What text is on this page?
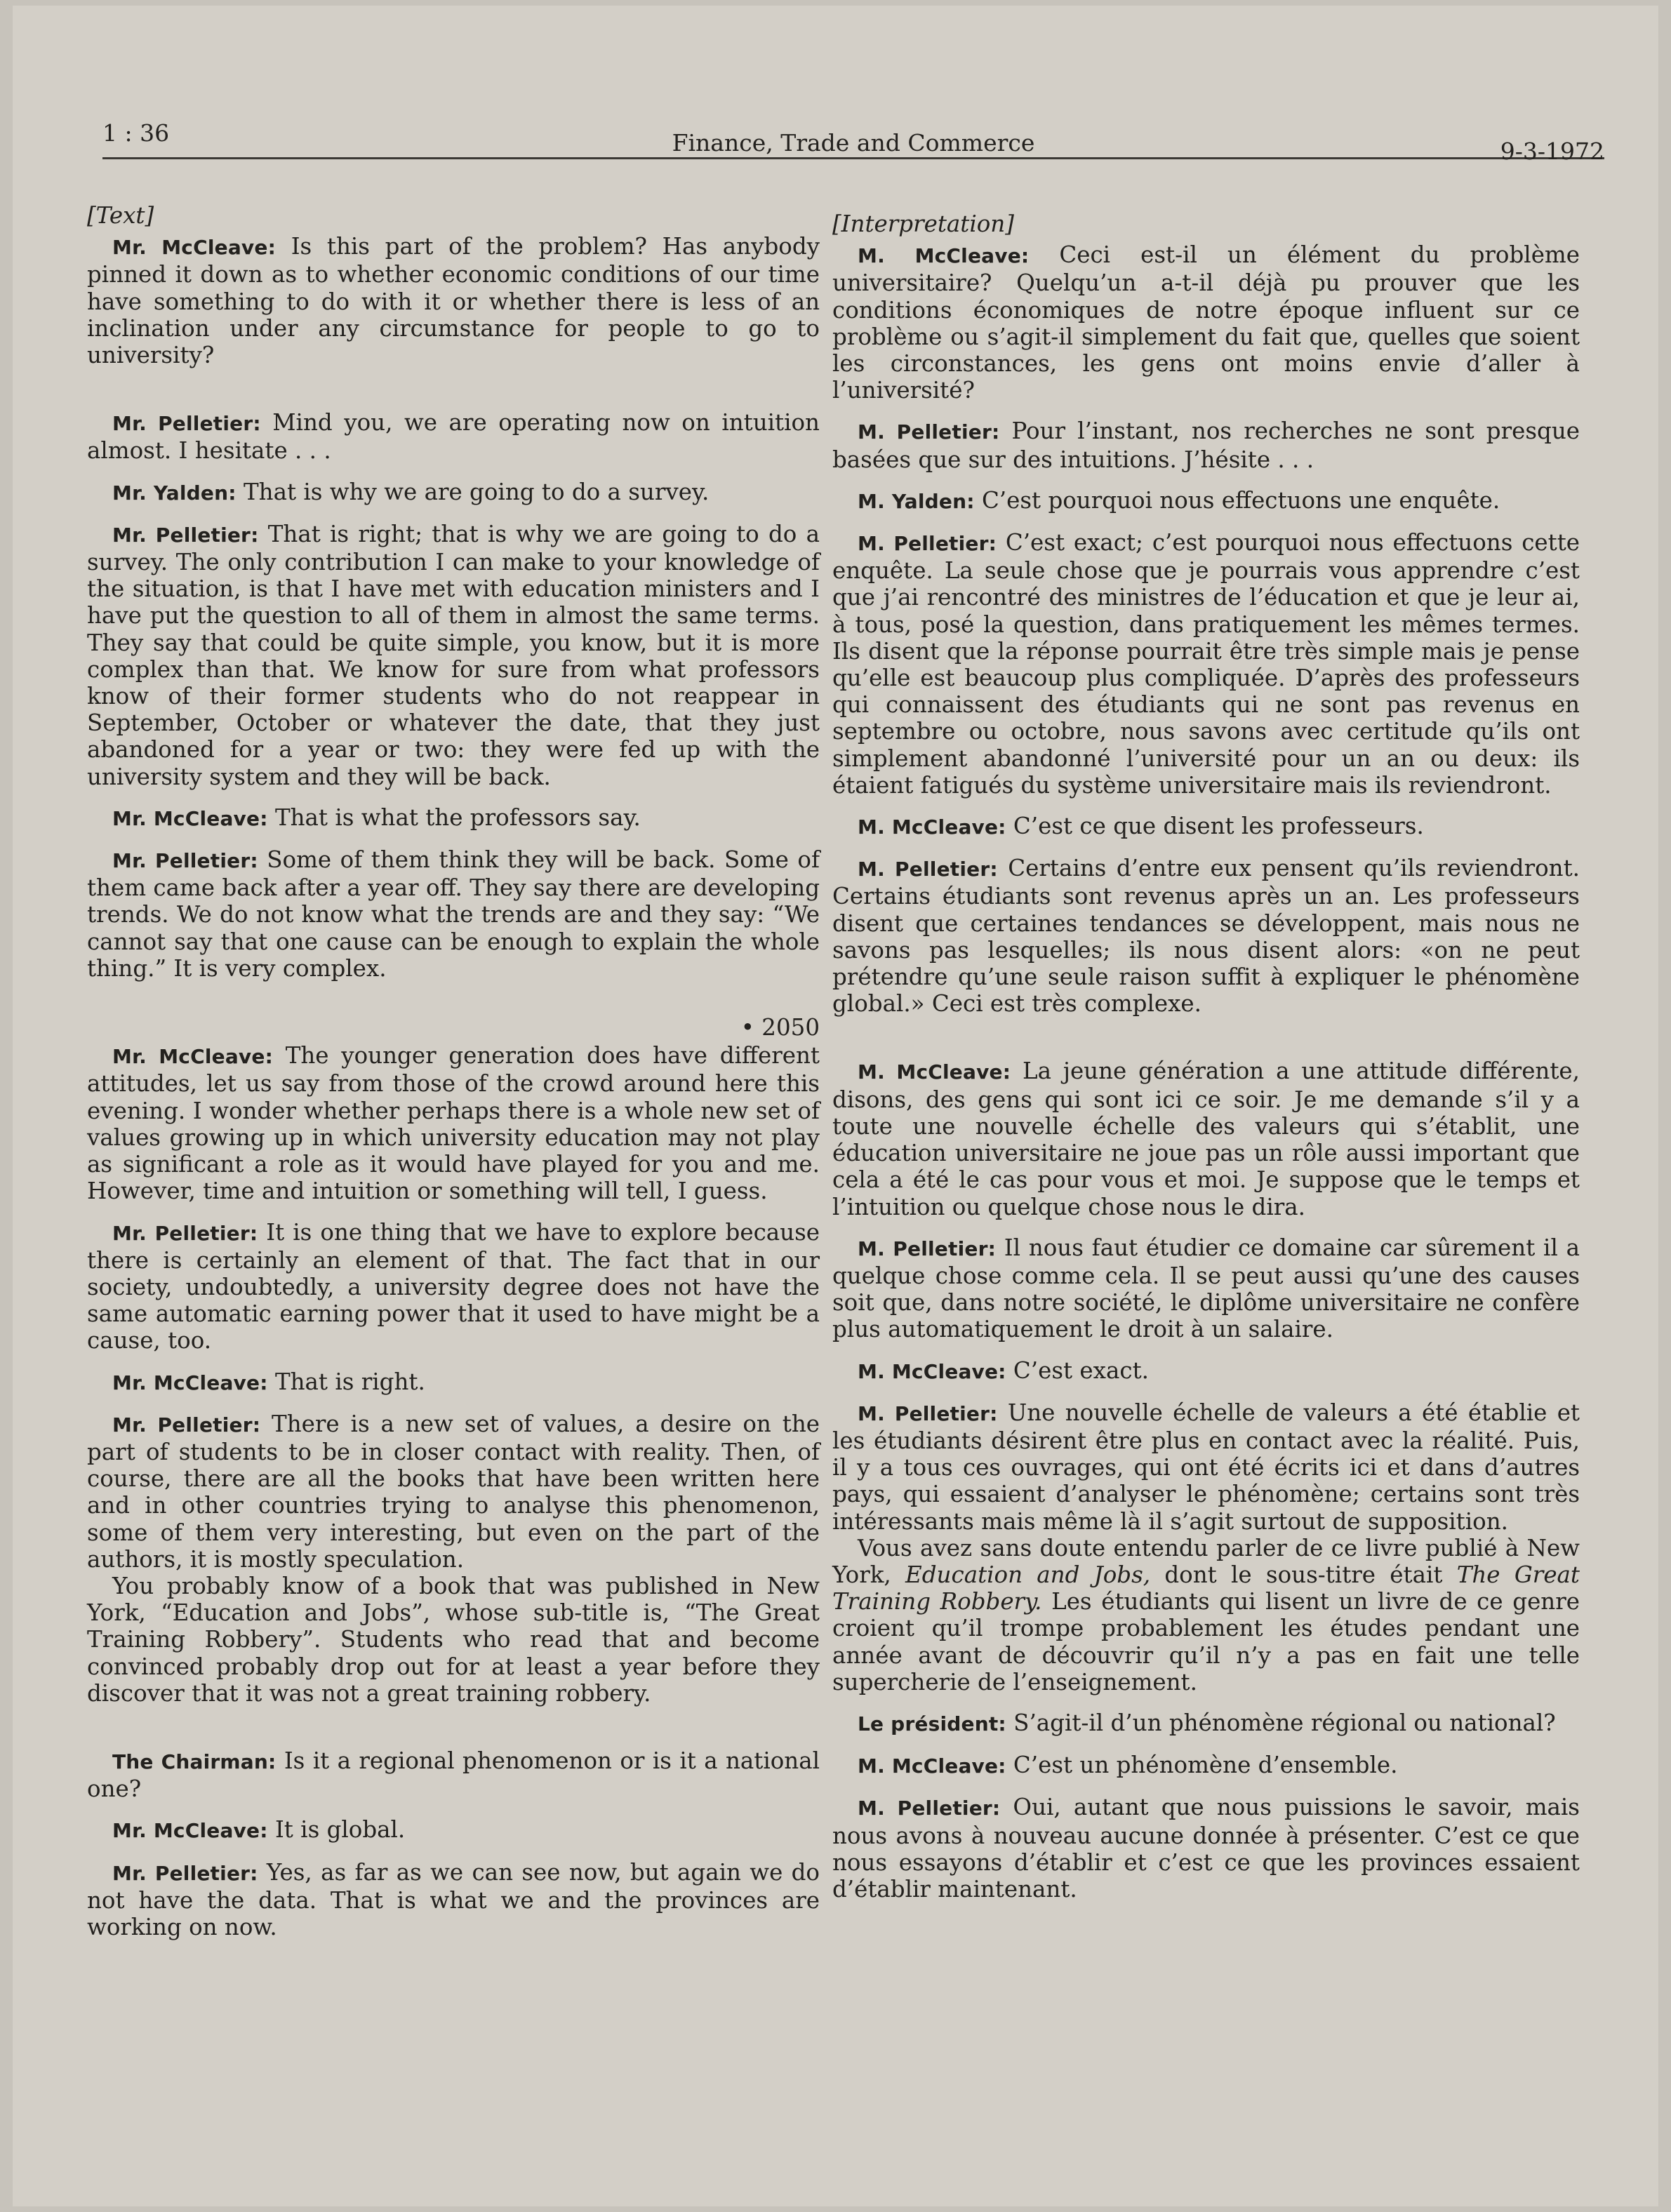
1 : 36	Finance, Trade and Commerce	9-3-1972
[Text]

Mr. McCleave: Is this part of the problem? Has anybody pinned it down as to whether economic conditions of our time have something to do with it or whether there is less of an inclination under any circumstance for people to go to university?

Mr. Pelletier: Mind you, we are operating now on intuition almost. I hesitate . . .

Mr. Yalden: That is why we are going to do a survey.

Mr. Pelletier: That is right; that is why we are going to do a survey. The only contribution I can make to your knowledge of the situation, is that I have met with education ministers and I have put the question to all of them in almost the same terms. They say that could be quite simple, you know, but it is more complex than that. We know for sure from what professors know of their former students who do not reappear in September, October or whatever the date, that they just abandoned for a year or two: they were fed up with the university system and they will be back.

Mr. McCleave: That is what the professors say.

Mr. Pelletier: Some of them think they will be back. Some of them came back after a year off. They say there are developing trends. We do not know what the trends are and they say: “We cannot say that one cause can be enough to explain the whole thing.” It is very complex.

• 2050

Mr. McCleave: The younger generation does have different attitudes, let us say from those of the crowd around here this evening. I wonder whether perhaps there is a whole new set of values growing up in which university education may not play as significant a role as it would have played for you and me. However, time and intuition or something will tell, I guess.

Mr. Pelletier: It is one thing that we have to explore because there is certainly an element of that. The fact that in our society, undoubtedly, a university degree does not have the same automatic earning power that it used to have might be a cause, too.

Mr. McCleave: That is right.

Mr. Pelletier: There is a new set of values, a desire on the part of students to be in closer contact with reality. Then, of course, there are all the books that have been written here and in other countries trying to analyse this phenomenon, some of them very interesting, but even on the part of the authors, it is mostly speculation.

You probably know of a book that was published in New York, “Education and Jobs”, whose sub-title is, “The Great Training Robbery”. Students who read that and become convinced probably drop out for at least a year before they discover that it was not a great training robbery.

The Chairman: Is it a regional phenomenon or is it a national one?

Mr. McCleave: It is global.

Mr. Pelletier: Yes, as far as we can see now, but again we do not have the data. That is what we and the provinces are working on now.

[Interpretation]

M. McCleave: Ceci est-il un élément du problème universitaire? Quelqu’un a-t-il déjà pu prouver que les conditions économiques de notre époque influent sur ce problème ou s’agit-il simplement du fait que, quelles que soient les circonstances, les gens ont moins envie d’aller à l’université?

M. Pelletier: Pour l’instant, nos recherches ne sont presque basées que sur des intuitions. J’hésite . . .

M. Yalden: C’est pourquoi nous effectuons une enquête.

M. Pelletier: C’est exact; c’est pourquoi nous effectuons cette enquête. La seule chose que je pourrais vous apprendre c’est que j’ai rencontré des ministres de l’éducation et que je leur ai, à tous, posé la question, dans pratiquement les mêmes termes. Ils disent que la réponse pourrait être très simple mais je pense qu’elle est beaucoup plus compliquée. D’après des professeurs qui connaissent des étudiants qui ne sont pas revenus en septembre ou octobre, nous savons avec certitude qu’ils ont simplement abandonné l’université pour un an ou deux: ils étaient fatigués du système universitaire mais ils reviendront.

M. McCleave: C’est ce que disent les professeurs.

M. Pelletier: Certains d’entre eux pensent qu’ils reviendront. Certains étudiants sont revenus après un an. Les professeurs disent que certaines tendances se développent, mais nous ne savons pas lesquelles; ils nous disent alors: «on ne peut prétendre qu’une seule raison suffit à expliquer le phénomène global.» Ceci est très complexe.

M. McCleave: La jeune génération a une attitude différente, disons, des gens qui sont ici ce soir. Je me demande s’il y a toute une nouvelle échelle des valeurs qui s’établit, une éducation universitaire ne joue pas un rôle aussi important que cela a été le cas pour vous et moi. Je suppose que le temps et l’intuition ou quelque chose nous le dira.

M. Pelletier: Il nous faut étudier ce domaine car sûrement il a quelque chose comme cela. Il se peut aussi qu’une des causes soit que, dans notre société, le diplôme universitaire ne confère plus automatiquement le droit à un salaire.

M. McCleave: C’est exact.

M. Pelletier: Une nouvelle échelle de valeurs a été établie et les étudiants désirent être plus en contact avec la réalité. Puis, il y a tous ces ouvrages, qui ont été écrits ici et dans d’autres pays, qui essaient d’analyser le phénomène; certains sont très intéressants mais même là il s’agit surtout de supposition.

Vous avez sans doute entendu parler de ce livre publié à New York, Education and Jobs, dont le sous-titre était The Great Training Robbery. Les étudiants qui lisent un livre de ce genre croient qu’il trompe probablement les études pendant une année avant de découvrir qu’il n’y a pas en fait une telle supercherie de l’enseignement.

Le président: S’agit-il d’un phénomène régional ou national?

M. McCleave: C’est un phénomène d’ensemble.

M. Pelletier: Oui, autant que nous puissions le savoir, mais nous avons à nouveau aucune donnée à présenter. C’est ce que nous essayons d’établir et c’est ce que les provinces essaient d’établir maintenant.
